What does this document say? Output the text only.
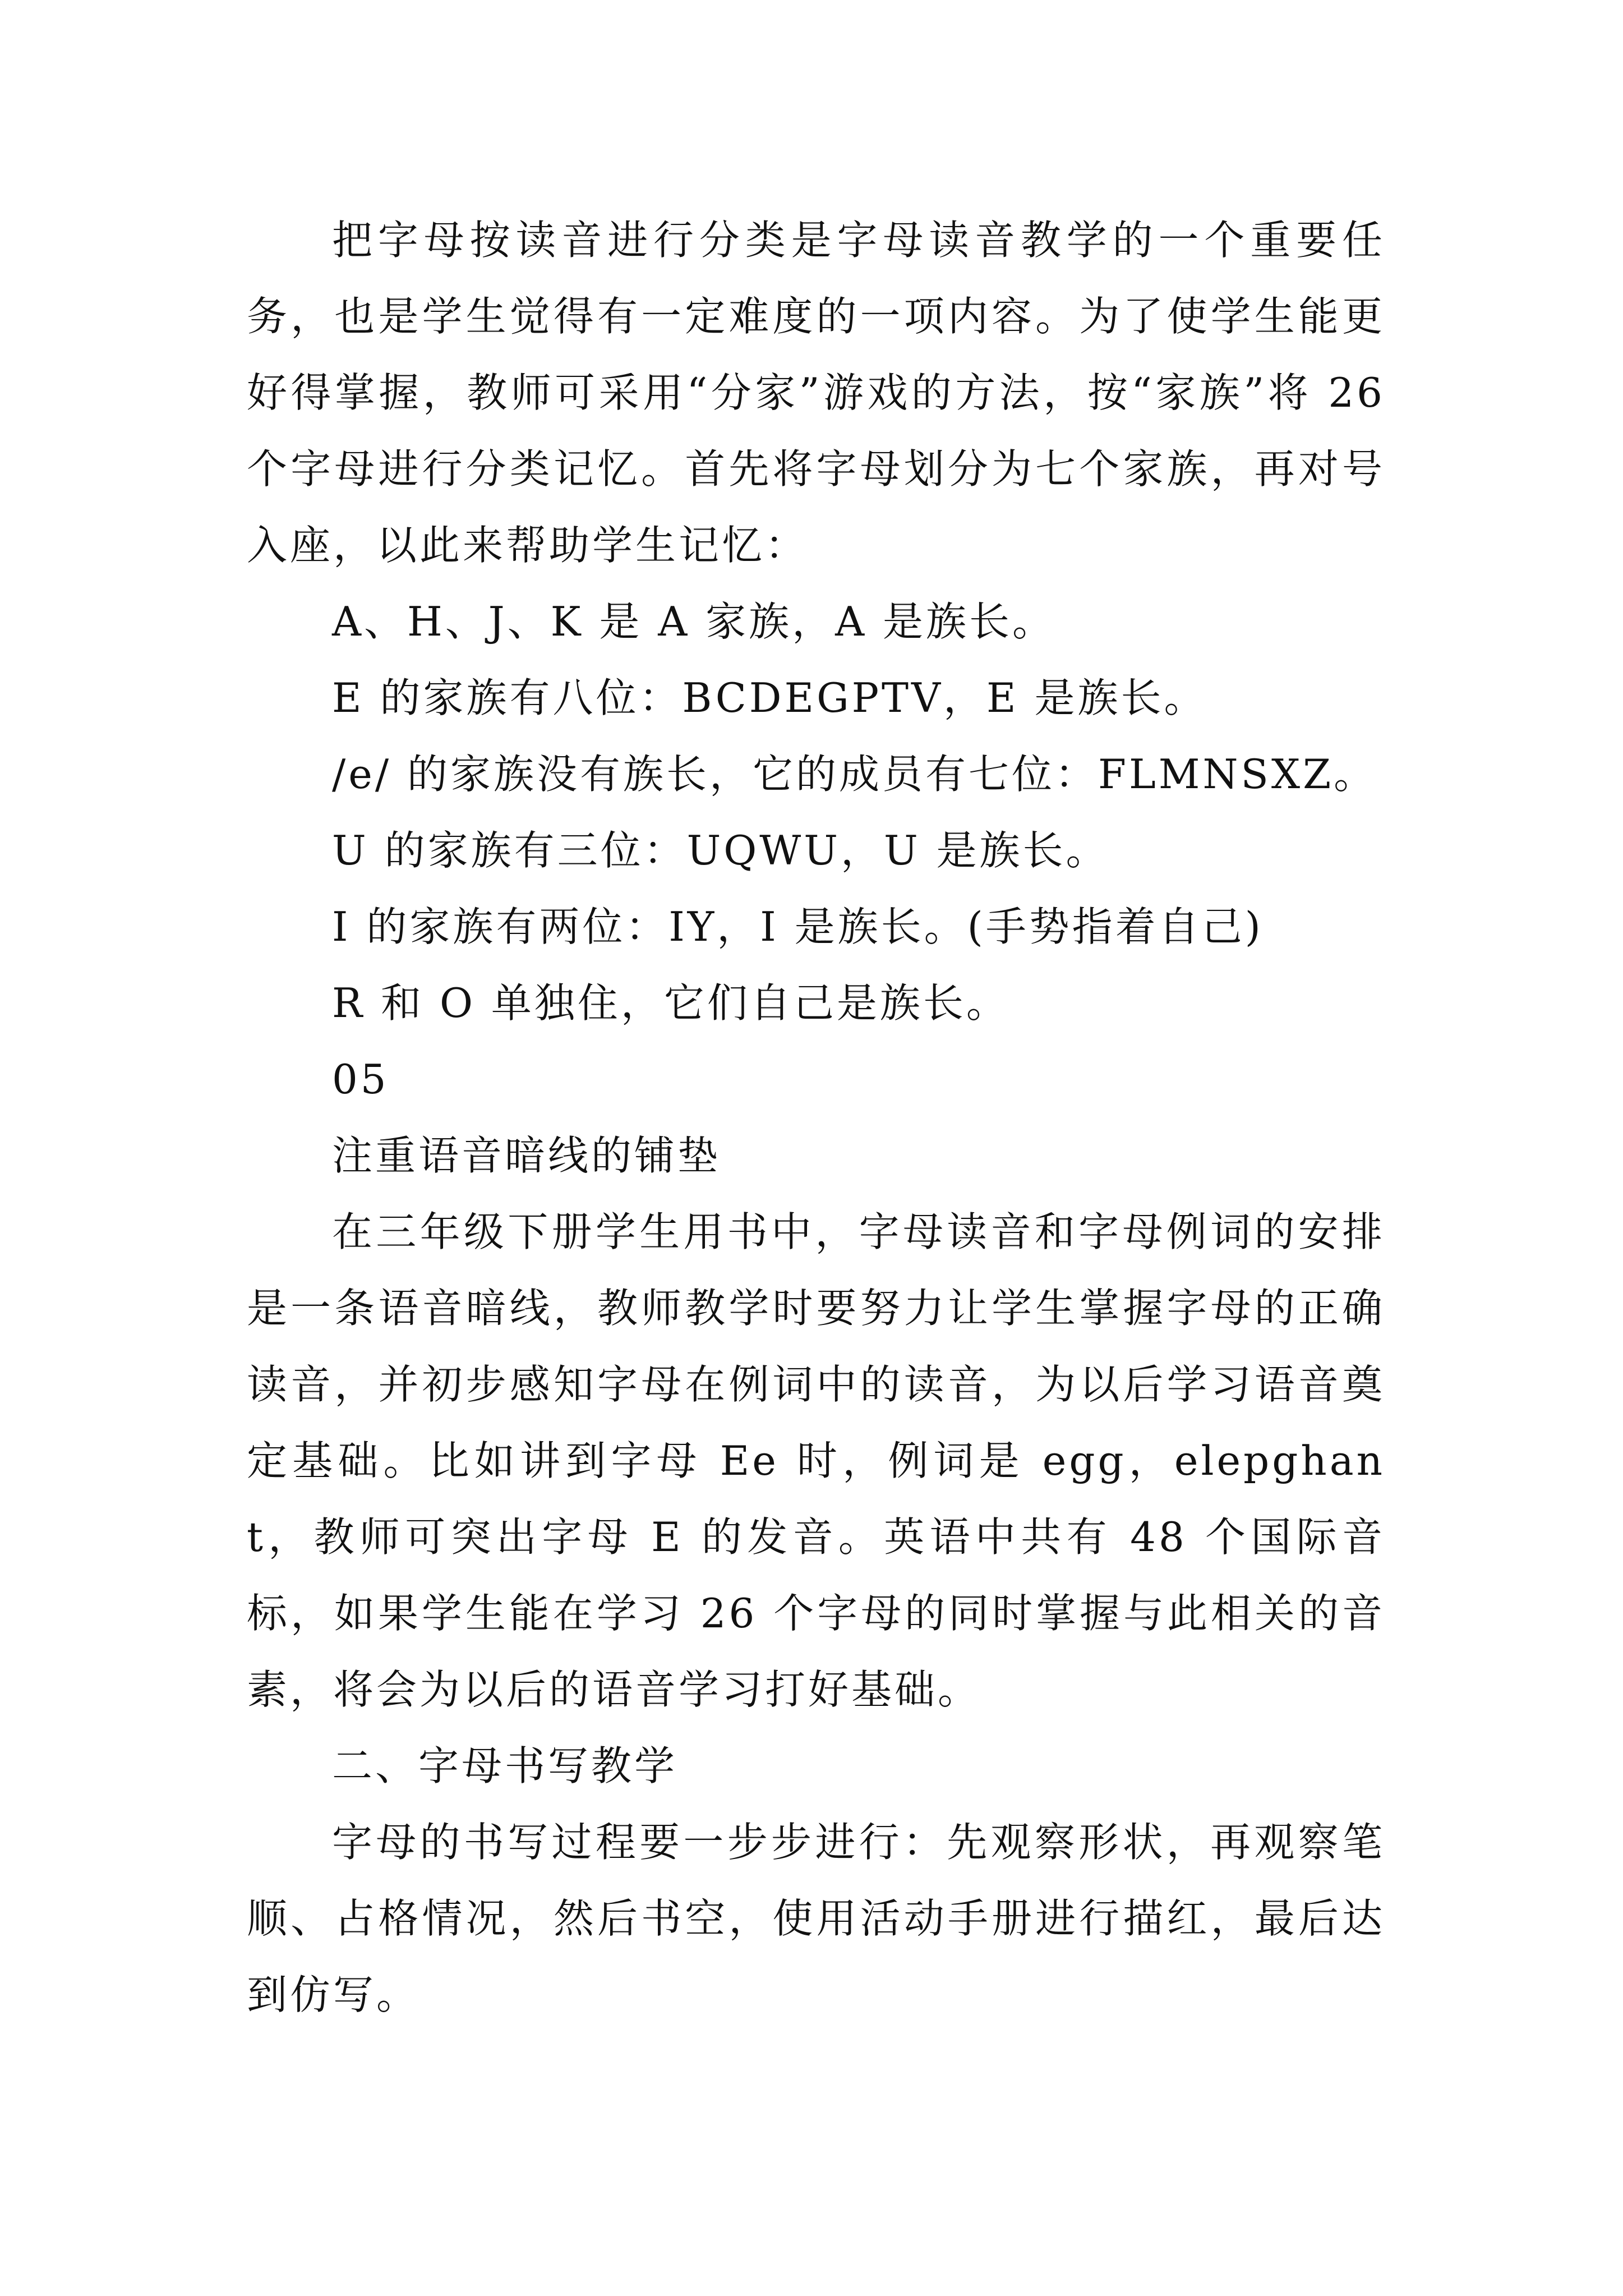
把字母按读音进行分类是字母读音教学的一个重要任务，也是学生觉得有一定难度的一项内容。为了使学生能更好得掌握，教师可采用“分家”游戏的方法，按“家族”将 26 个字母进行分类记忆。首先将字母划分为七个家族，再对号入座，以此来帮助学生记忆：

A、H、J、K 是 A 家族，A 是族长。

E 的家族有八位：BCDEGPTV，E 是族长。

/e/ 的家族没有族长，它的成员有七位：FLMNSXZ。

U 的家族有三位：UQWU，U 是族长。

I 的家族有两位：IY，I 是族长。(手势指着自己)

R 和 O 单独住，它们自己是族长。

05

注重语音暗线的铺垫

在三年级下册学生用书中，字母读音和字母例词的安排是一条语音暗线，教师教学时要努力让学生掌握字母的正确读音，并初步感知字母在例词中的读音，为以后学习语音奠定基础。比如讲到字母 Ee 时，例词是 egg，elepghant，教师可突出字母 E 的发音。英语中共有 48 个国际音标，如果学生能在学习 26 个字母的同时掌握与此相关的音素，将会为以后的语音学习打好基础。

二、字母书写教学

字母的书写过程要一步步进行：先观察形状，再观察笔顺、占格情况，然后书空，使用活动手册进行描红，最后达到仿写。
